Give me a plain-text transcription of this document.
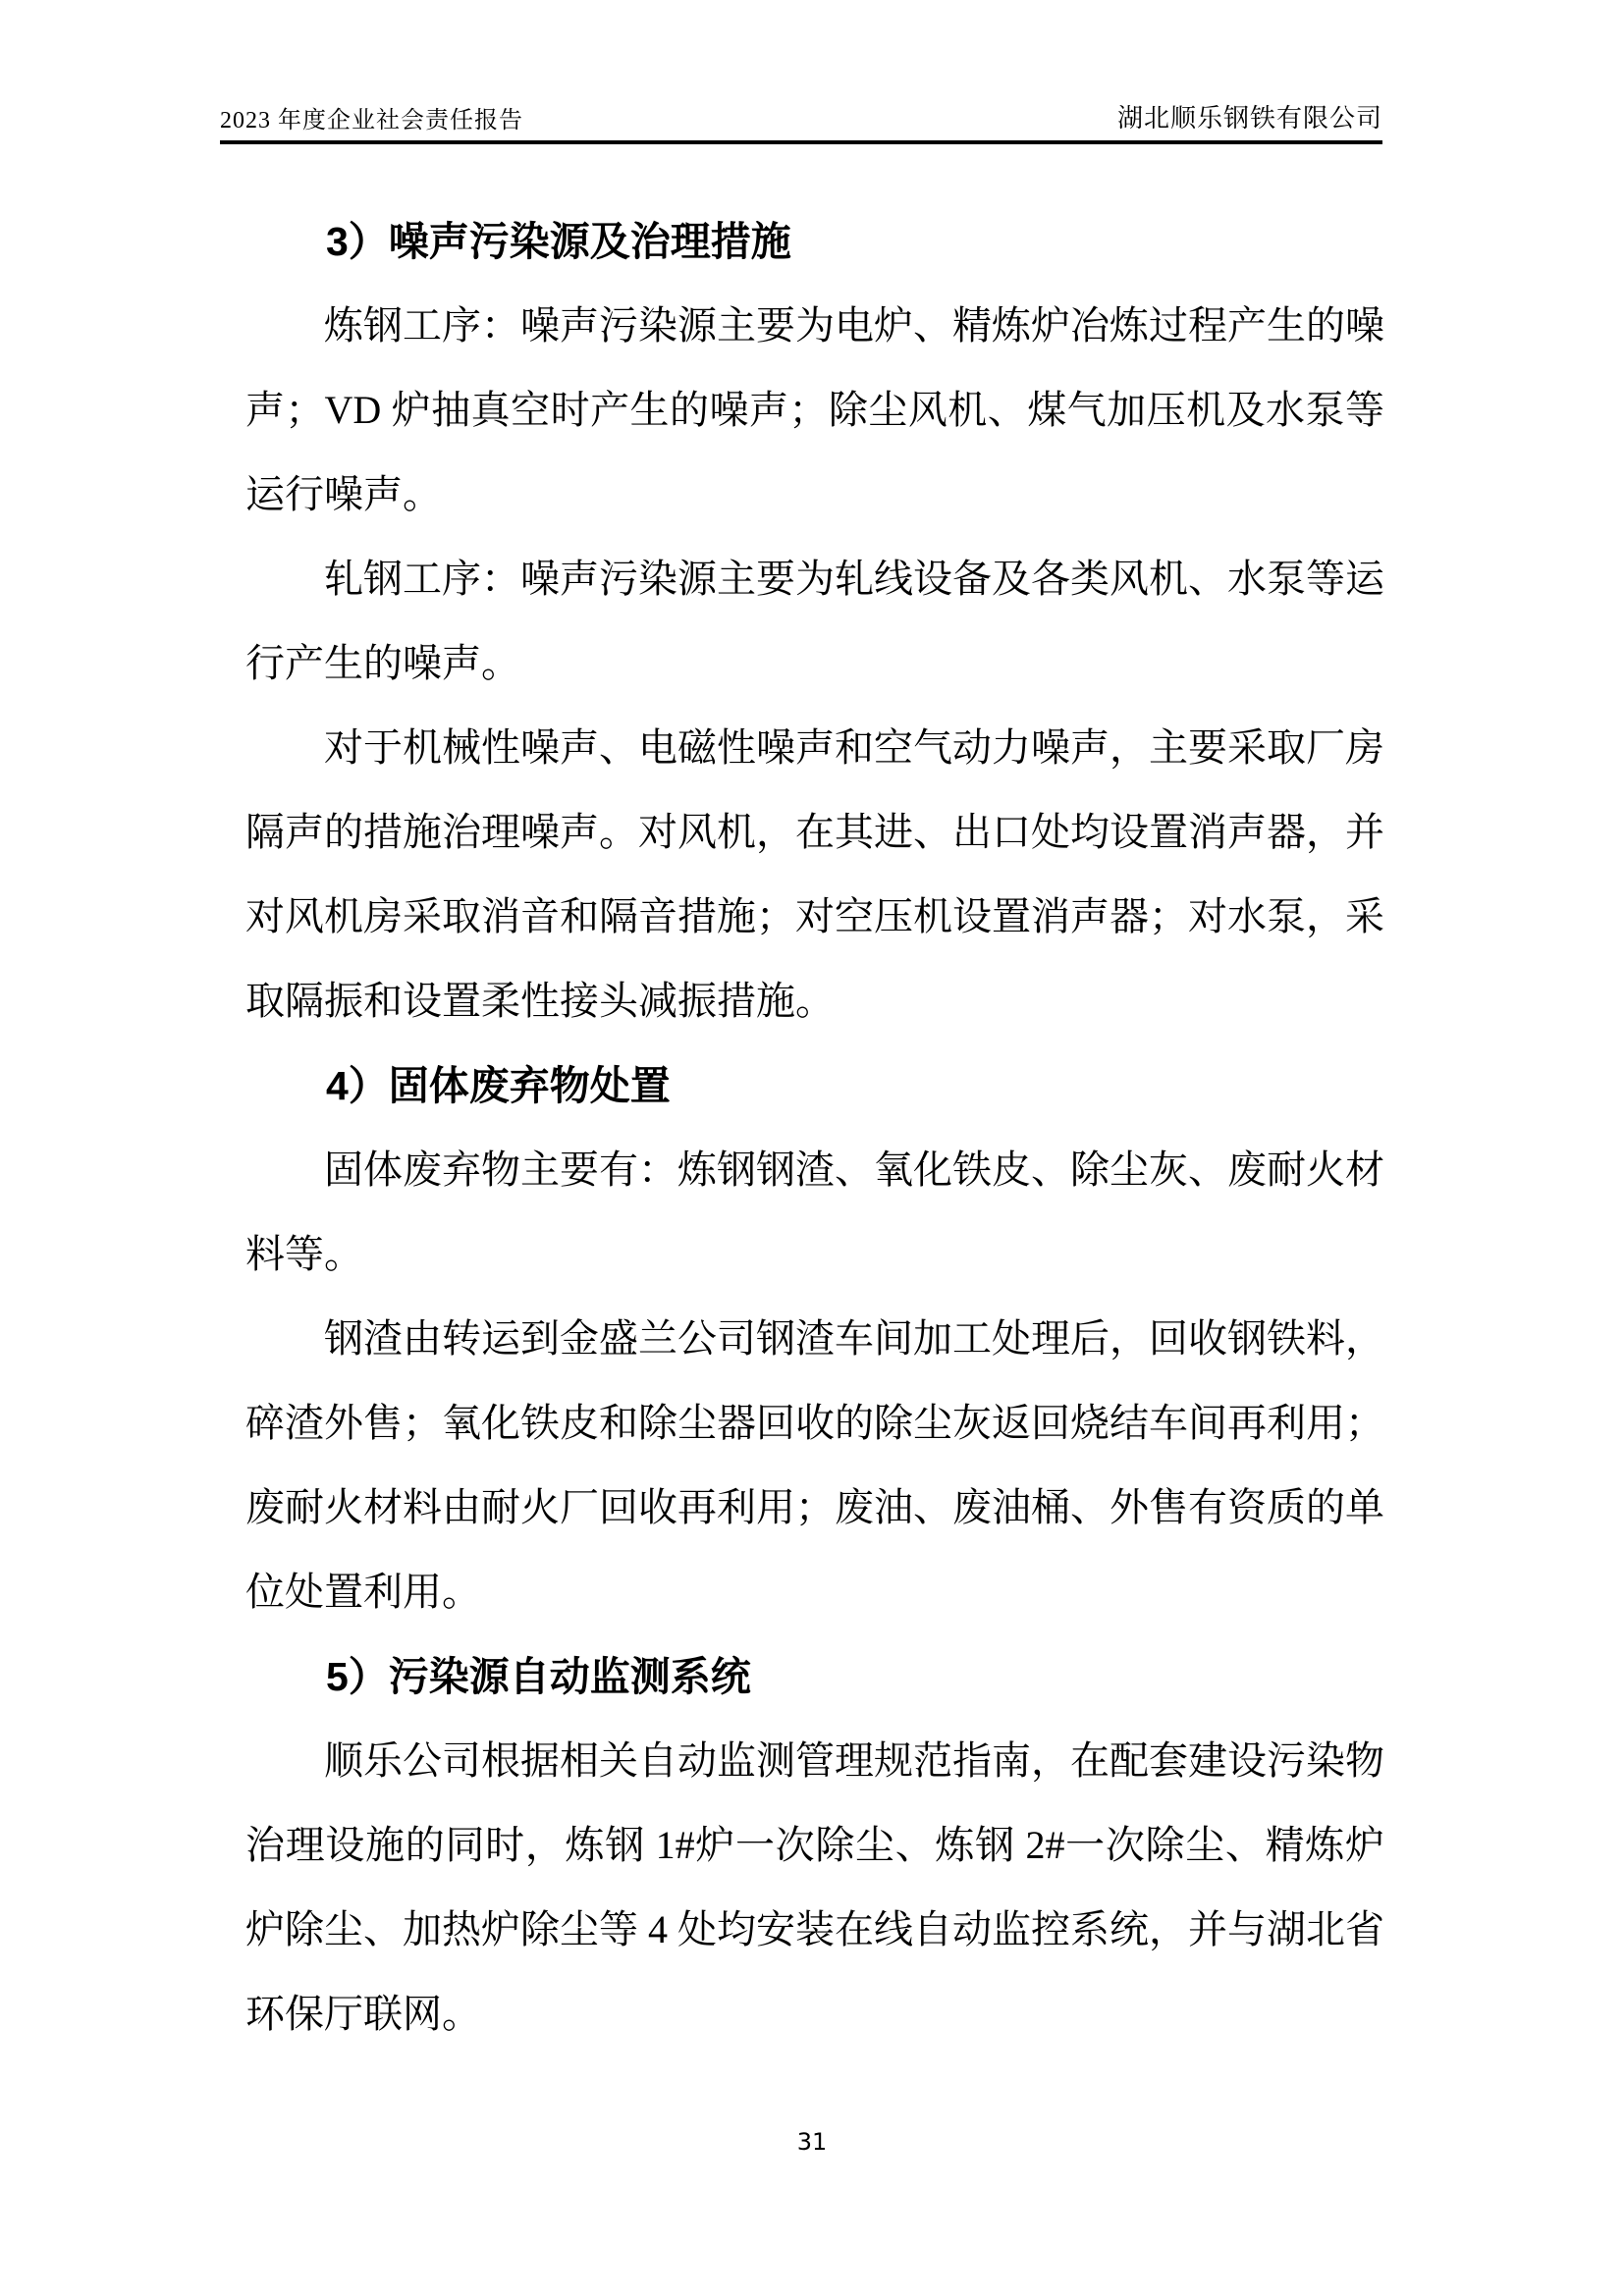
2023 年度企业社会责任报告	湖北顺乐钢铁有限公司
3）噪声污染源及治理措施

炼钢工序：噪声污染源主要为电炉、精炼炉冶炼过程产生的噪声；VD 炉抽真空时产生的噪声；除尘风机、煤气加压机及水泵等运行噪声。

轧钢工序：噪声污染源主要为轧线设备及各类风机、水泵等运行产生的噪声。

对于机械性噪声、电磁性噪声和空气动力噪声，主要采取厂房隔声的措施治理噪声。对风机，在其进、出口处均设置消声器，并对风机房采取消音和隔音措施；对空压机设置消声器；对水泵，采取隔振和设置柔性接头减振措施。

4）固体废弃物处置

固体废弃物主要有：炼钢钢渣、氧化铁皮、除尘灰、废耐火材料等。

钢渣由转运到金盛兰公司钢渣车间加工处理后，回收钢铁料，碎渣外售；氧化铁皮和除尘器回收的除尘灰返回烧结车间再利用；废耐火材料由耐火厂回收再利用；废油、废油桶、外售有资质的单位处置利用。

5）污染源自动监测系统

顺乐公司根据相关自动监测管理规范指南，在配套建设污染物治理设施的同时，炼钢 1#炉一次除尘、炼钢 2#一次除尘、精炼炉炉除尘、加热炉除尘等 4 处均安装在线自动监控系统，并与湖北省环保厅联网。

31
